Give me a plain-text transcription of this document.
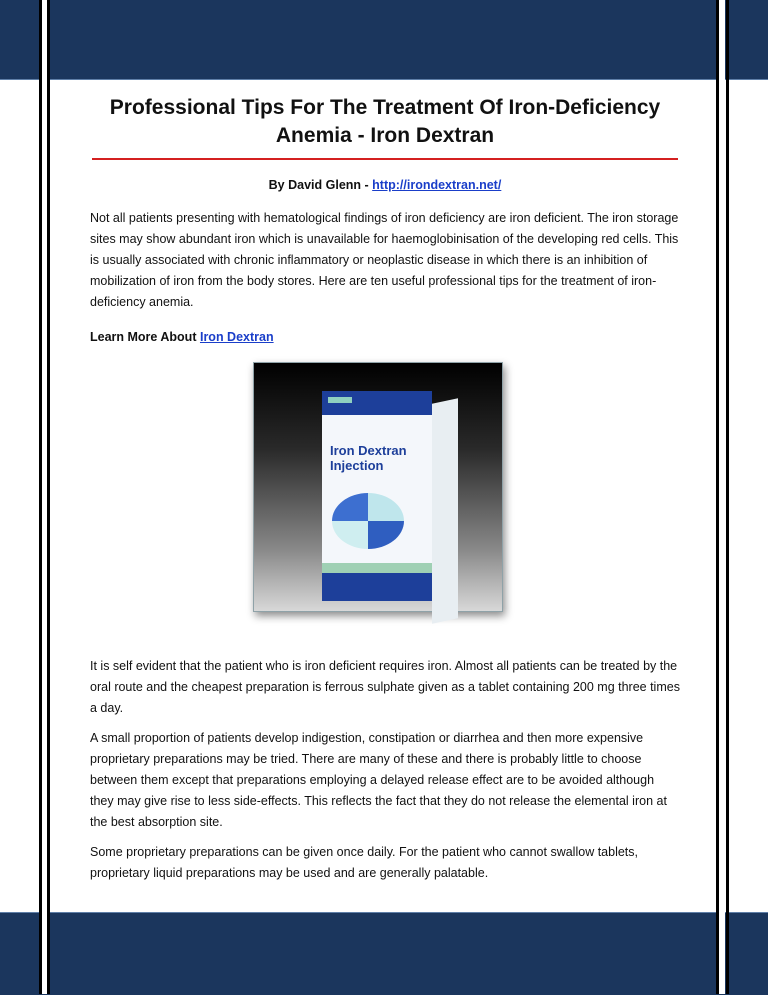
Professional Tips For The Treatment Of Iron-Deficiency Anemia - Iron Dextran
By David Glenn - http://irondextran.net/

Not all patients presenting with hematological findings of iron deficiency are iron deficient. The iron storage sites may show abundant iron which is unavailable for haemoglobinisation of the developing red cells. This is usually associated with chronic inflammatory or neoplastic disease in which there is an inhibition of mobilization of iron from the body stores. Here are ten useful professional tips for the treatment of iron-deficiency anemia.

Learn More About Iron Dextran

Iron Dextran Injection

It is self evident that the patient who is iron deficient requires iron. Almost all patients can be treated by the oral route and the cheapest preparation is ferrous sulphate given as a tablet containing 200 mg three times a day.

A small proportion of patients develop indigestion, constipation or diarrhea and then more expensive proprietary preparations may be tried. There are many of these and there is probably little to choose between them except that preparations employing a delayed release effect are to be avoided although they may give rise to less side-effects. This reflects the fact that they do not release the elemental iron at the best absorption site.

Some proprietary preparations can be given once daily. For the patient who cannot swallow tablets, proprietary liquid preparations may be used and are generally palatable.
